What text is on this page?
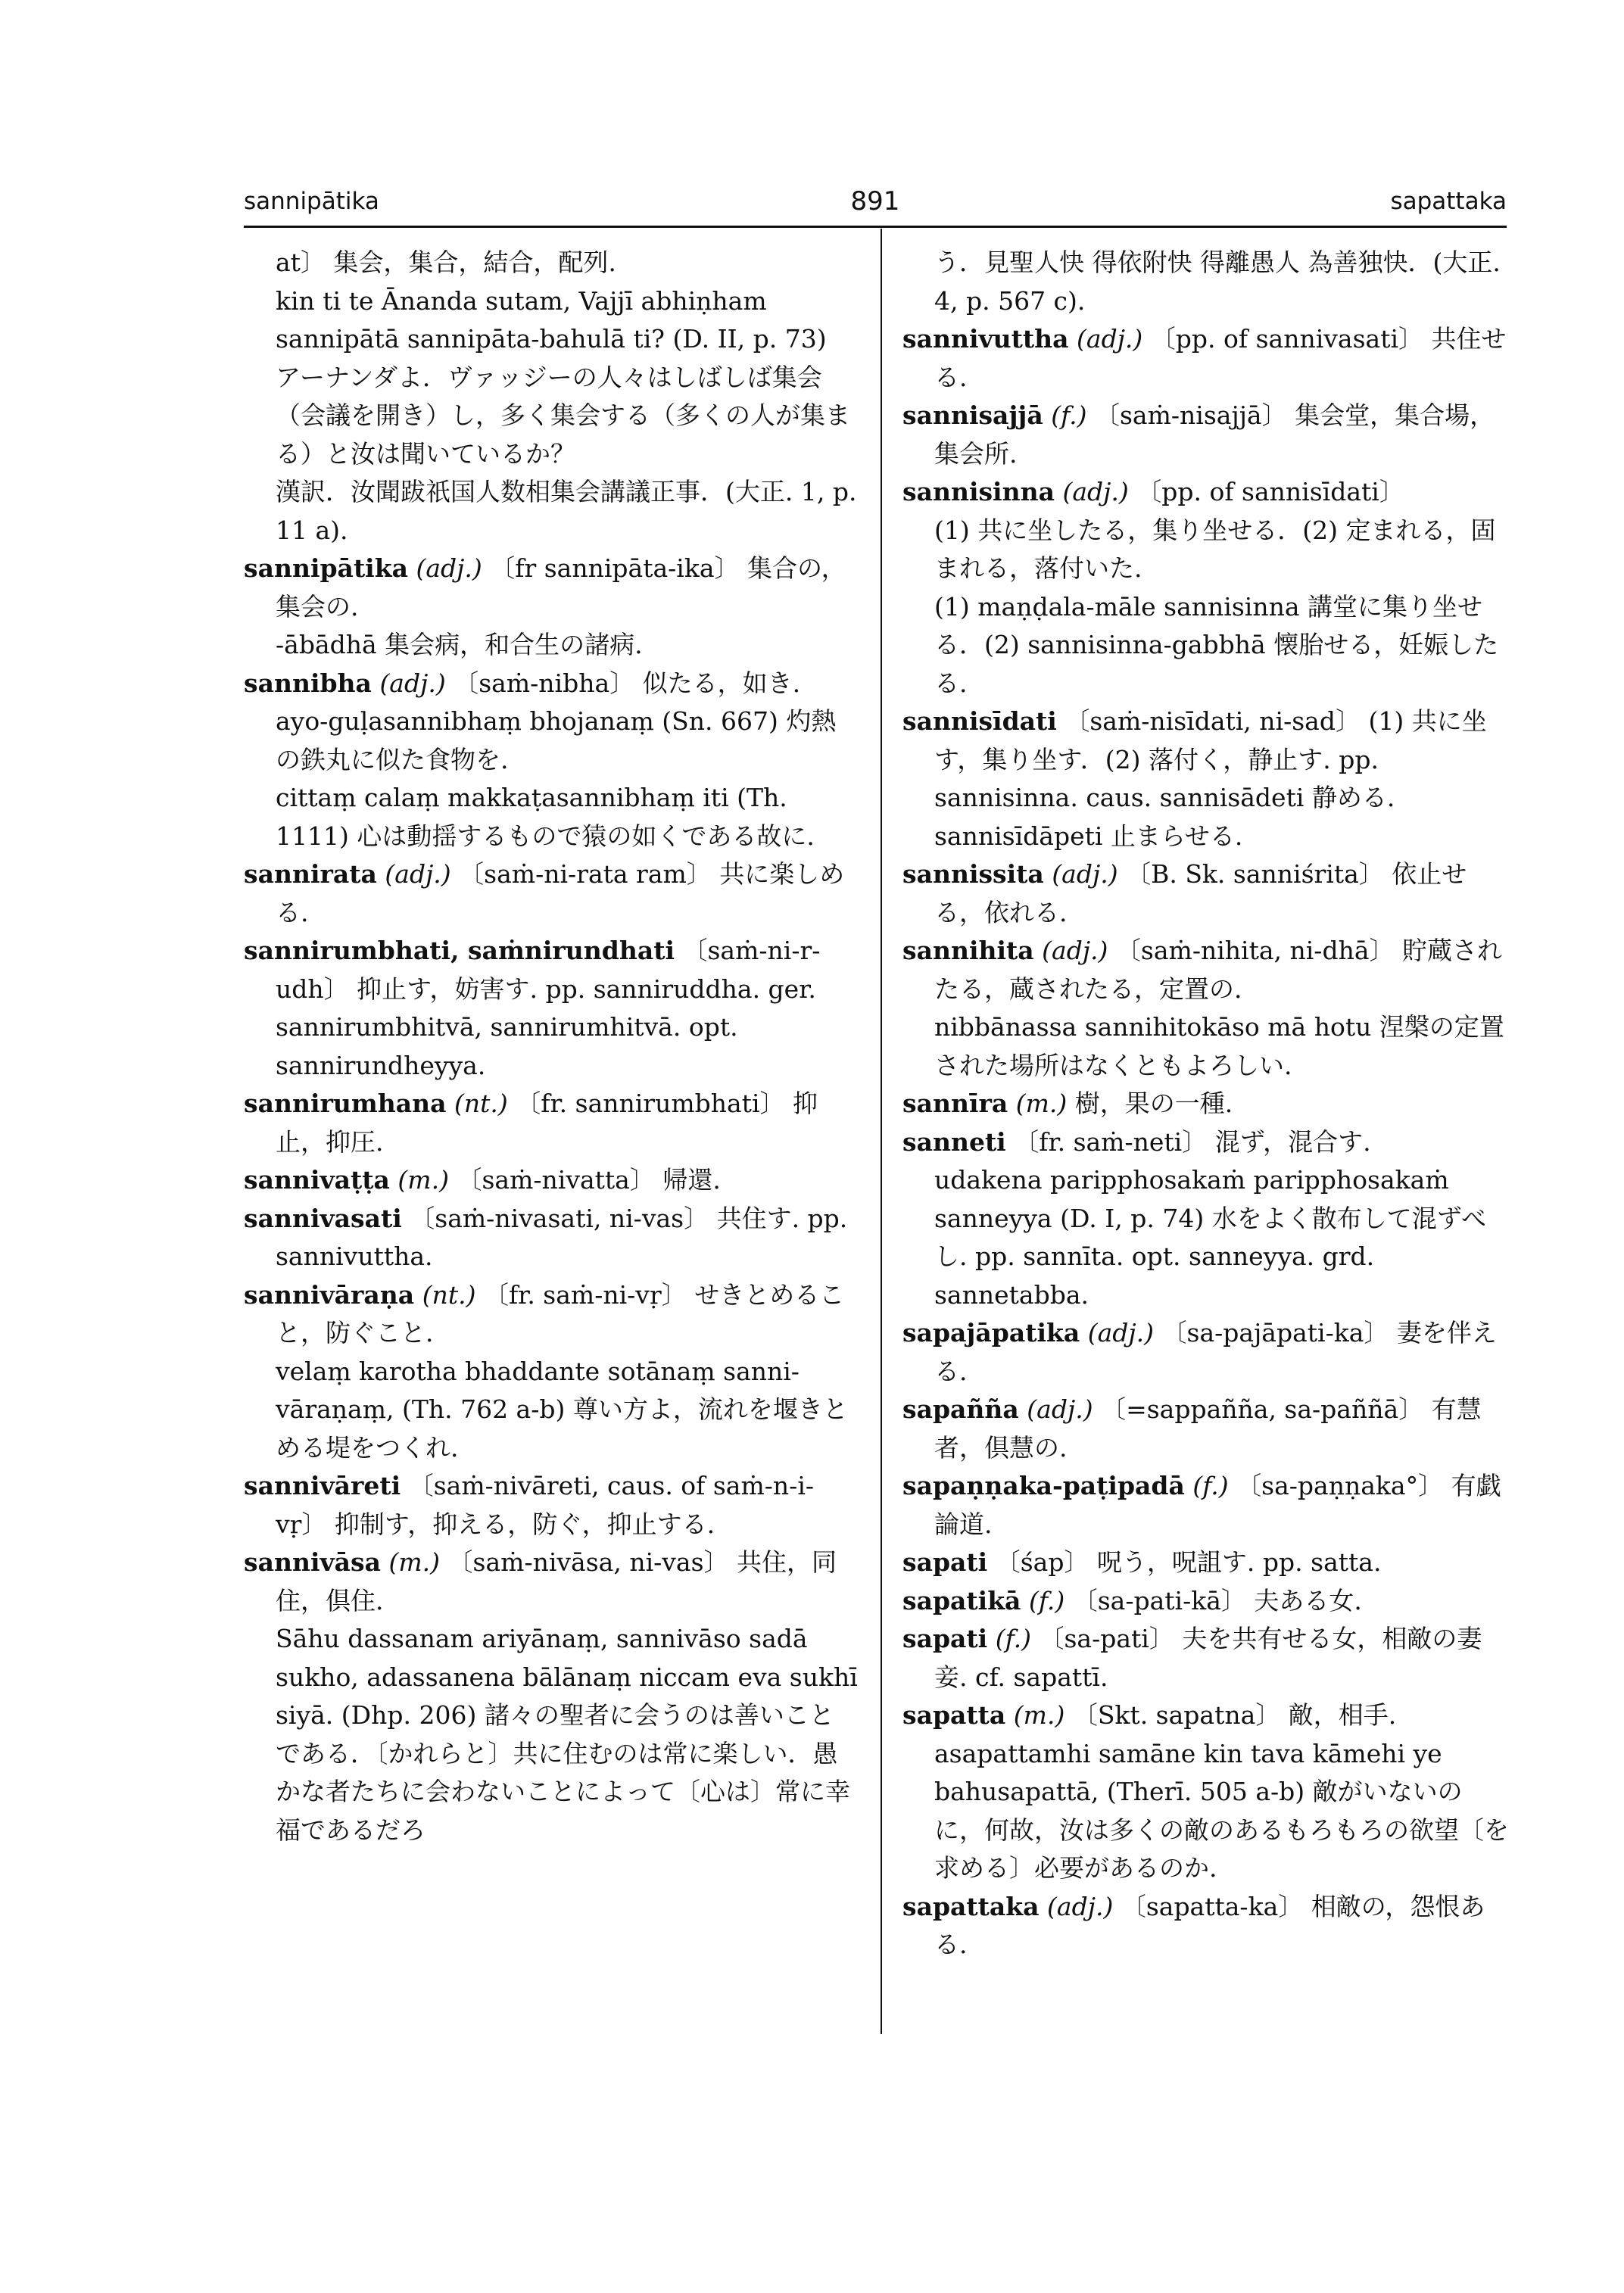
sannipātika	891	sapattaka

at〕 集会，集合，結合，配列.

kin ti te Ānanda sutam, Vajjī abhiṇham sannipātā sannipāta-bahulā ti? (D. II, p. 73) アーナンダよ．ヴァッジーの人々はしばしば集会（会議を開き）し，多く集会する（多くの人が集まる）と汝は聞いているか？

漢訳．汝聞跋祇国人数相集会講議正事．(大正. 1, p. 11 a).

sannipātika (adj.) 〔fr sannipāta-ika〕 集合の，集会の.

-ābādhā 集会病，和合生の諸病.

sannibha (adj.) 〔saṁ-nibha〕 似たる，如き.

ayo-guḷasannibhaṃ bhojanaṃ (Sn. 667) 灼熱の鉄丸に似た食物を.

cittaṃ calaṃ makkaṭasannibhaṃ iti (Th. 1111) 心は動揺するもので猿の如くである故に.

sannirata (adj.) 〔saṁ-ni-rata ram〕 共に楽しめる.

sannirumbhati, saṁnirundhati 〔saṁ-ni-r-udh〕 抑止す，妨害す. pp. sanniruddha. ger. sannirumbhitvā, sannirumhitvā. opt. sannirundheyya.

sannirumhana (nt.) 〔fr. sannirumbhati〕 抑止，抑圧.

sannivaṭṭa (m.) 〔saṁ-nivatta〕 帰還.

sannivasati 〔saṁ-nivasati, ni-vas〕 共住す. pp. sannivuttha.

sannivāraṇa (nt.) 〔fr. saṁ-ni-vṛ〕 せきとめること，防ぐこと.

velaṃ karotha bhaddante sotānaṃ sanni-vāraṇaṃ, (Th. 762 a-b) 尊い方よ，流れを堰きとめる堤をつくれ.

sannivāreti 〔saṁ-nivāreti, caus. of saṁ-n-i-vṛ〕 抑制す，抑える，防ぐ，抑止する.

sannivāsa (m.) 〔saṁ-nivāsa, ni-vas〕 共住，同住，倶住.

Sāhu dassanam ariyānaṃ, sannivāso sadā sukho, adassanena bālānaṃ niccam eva sukhī siyā. (Dhp. 206) 諸々の聖者に会うのは善いことである．〔かれらと〕共に住むのは常に楽しい．愚かな者たちに会わないことによって〔心は〕常に幸福であるだろ

う．見聖人快 得依附快 得離愚人 為善独快．(大正. 4, p. 567 c).

sannivuttha (adj.) 〔pp. of sannivasati〕 共住せる.

sannisajjā (f.) 〔saṁ-nisajjā〕 集会堂，集合場，集会所.

sannisinna (adj.) 〔pp. of sannisīdati〕

(1) 共に坐したる，集り坐せる．(2) 定まれる，固まれる，落付いた.

(1) maṇḍala-māle sannisinna 講堂に集り坐せる．(2) sannisinna-gabbhā 懐胎せる，妊娠したる.

sannisīdati 〔saṁ-nisīdati, ni-sad〕 (1) 共に坐す，集り坐す．(2) 落付く，静止す. pp. sannisinna. caus. sannisādeti 静める. sannisīdāpeti 止まらせる.

sannissita (adj.) 〔B. Sk. sanniśrita〕 依止せる，依れる.

sannihita (adj.) 〔saṁ-nihita, ni-dhā〕 貯蔵されたる，蔵されたる，定置の.

nibbānassa sannihitokāso mā hotu 涅槃の定置された場所はなくともよろしい.

sannīra (m.) 樹，果の一種.

sanneti 〔fr. saṁ-neti〕 混ず，混合す.

udakena paripphosakaṁ paripphosakaṁ sanneyya (D. I, p. 74) 水をよく散布して混ずべし. pp. sannīta. opt. sanneyya. grd. sannetabba.

sapajāpatika (adj.) 〔sa-pajāpati-ka〕 妻を伴える.

sapañña (adj.) 〔=sappañña, sa-paññā〕 有慧者，倶慧の.

sapaṇṇaka-paṭipadā (f.) 〔sa-paṇṇaka°〕 有戯論道.

sapati 〔śap〕 呪う，呪詛す. pp. satta.

sapatikā (f.) 〔sa-pati-kā〕 夫ある女.

sapati (f.) 〔sa-pati〕 夫を共有せる女，相敵の妻妾. cf. sapattī.

sapatta (m.) 〔Skt. sapatna〕 敵，相手.

asapattamhi samāne kin tava kāmehi ye bahusapattā, (Therī. 505 a-b) 敵がいないのに，何故，汝は多くの敵のあるもろもろの欲望〔を求める〕必要があるのか.

sapattaka (adj.) 〔sapatta-ka〕 相敵の，怨恨ある.
